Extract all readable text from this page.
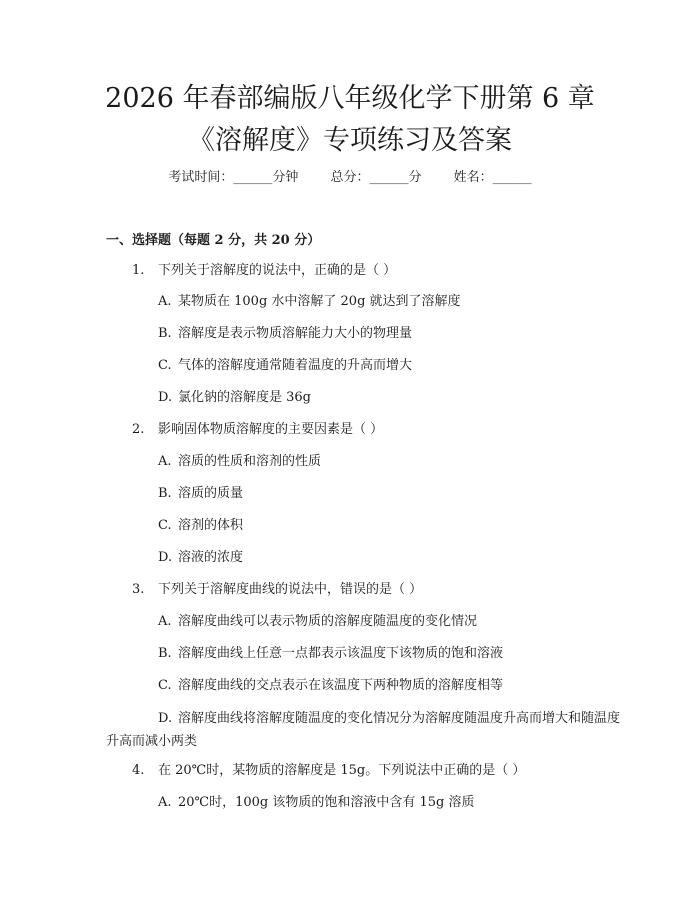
2026 年春部编版八年级化学下册第 6 章《溶解度》专项练习及答案
考试时间：______分钟 总分：______分 姓名：______
一、选择题（每题 2 分，共 20 分）
1. 下列关于溶解度的说法中，正确的是（ ）
A. 某物质在 100g 水中溶解了 20g 就达到了溶解度
B. 溶解度是表示物质溶解能力大小的物理量
C. 气体的溶解度通常随着温度的升高而增大
D. 氯化钠的溶解度是 36g
2. 影响固体物质溶解度的主要因素是（ ）
A. 溶质的性质和溶剂的性质
B. 溶质的质量
C. 溶剂的体积
D. 溶液的浓度
3. 下列关于溶解度曲线的说法中，错误的是（ ）
A. 溶解度曲线可以表示物质的溶解度随温度的变化情况
B. 溶解度曲线上任意一点都表示该温度下该物质的饱和溶液
C. 溶解度曲线的交点表示在该温度下两种物质的溶解度相等
D. 溶解度曲线将溶解度随温度的变化情况分为溶解度随温度升高而增大和随温度升高而减小两类
4. 在 20℃时，某物质的溶解度是 15g。下列说法中正确的是（ ）
A. 20℃时，100g 该物质的饱和溶液中含有 15g 溶质
